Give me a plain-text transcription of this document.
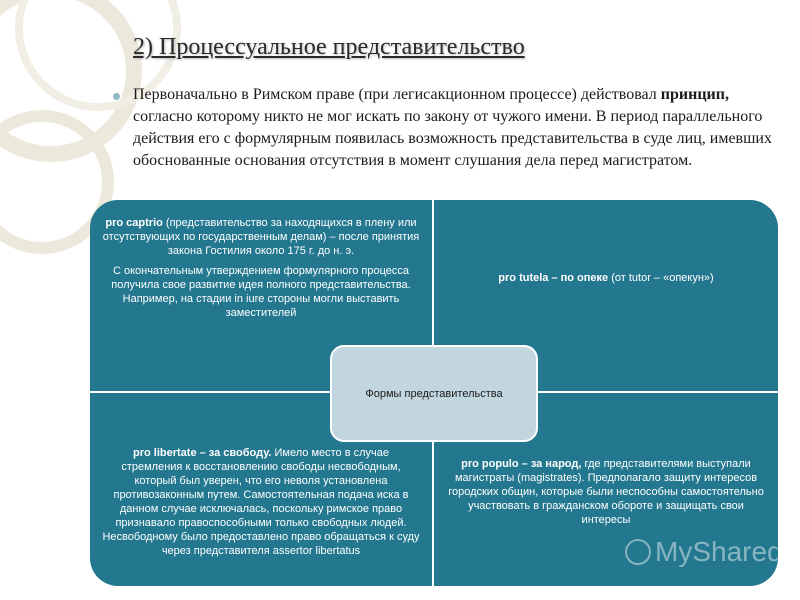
2) Процессуальное представительство
Первоначально в Римском праве (при легисакционном процессе) действовал принцип, согласно которому никто не мог искать по закону от чужого имени. В период параллельного действия его с формулярным появилась возможность представительства в суде лиц, имевших обоснованные основания отсутствия в момент слушания дела перед магистратом.

pro captrio (представительство за находящихся в плену или отсутствующих по государственным делам) – после принятия закона Гостилия около 175 г. до н. э.

С окончательным утверждением формулярного процесса получила свое развитие идея полного представительства. Например, на стадии in iure стороны могли выставить заместителей

pro tutela – по опеке (от tutor – «опекун»)

pro libertate – за свободу. Имело место в случае стремления к восстановлению свободы несвободным, который был уверен, что его неволя установлена противозаконным путем. Самостоятельная подача иска в данном случае исключалась, поскольку римское право признавало правоспособными только свободных людей. Несвободному было предоставлено право обращаться к суду через представителя assertor libertatus

pro populo – за народ, где представителями выступали магистраты (magistrates). Предполагало защиту интересов городских общин, которые были неспособны самостоятельно участвовать в гражданском обороте и защищать свои интересы

Формы представительства
MyShared
